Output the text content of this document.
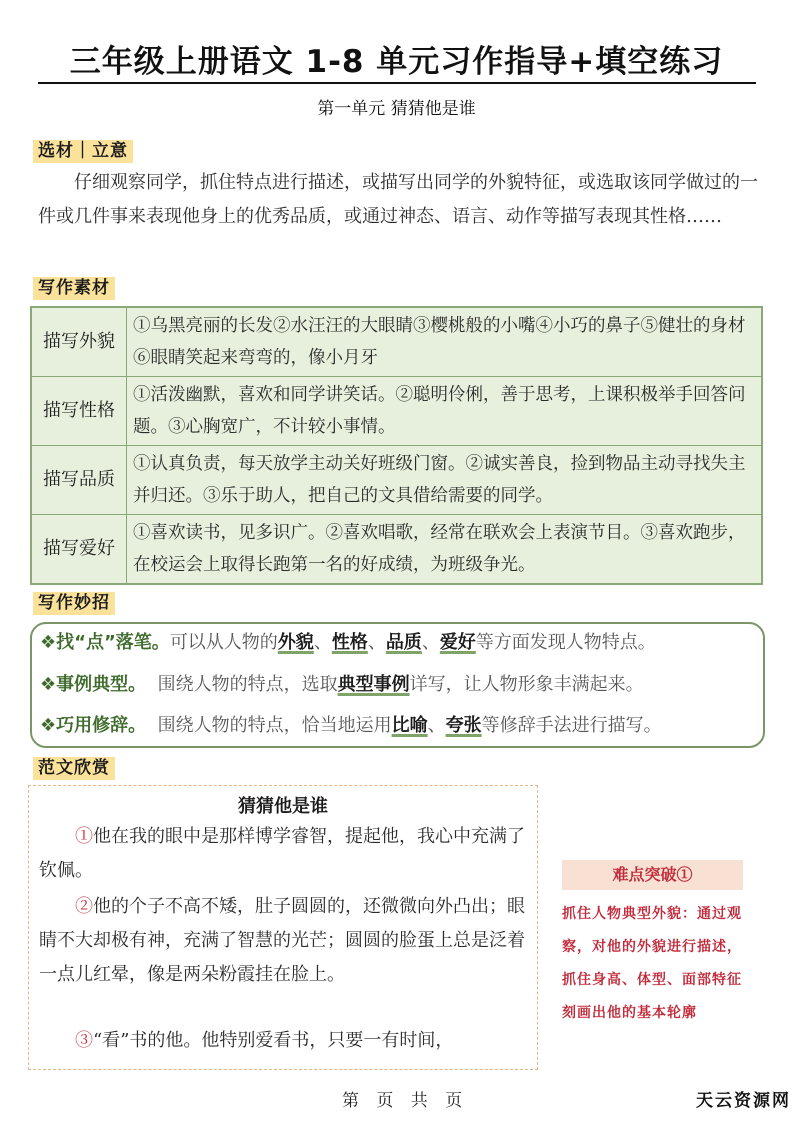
三年级上册语文 1-8 单元习作指导+填空练习
第一单元 猜猜他是谁
选材｜立意
仔细观察同学，抓住特点进行描述，或描写出同学的外貌特征，或选取该同学做过的一件或几件事来表现他身上的优秀品质，或通过神态、语言、动作等描写表现其性格……
写作素材
描写外貌	①乌黑亮丽的长发②水汪汪的大眼睛③樱桃般的小嘴④小巧的鼻子⑤健壮的身材⑥眼睛笑起来弯弯的，像小月牙
描写性格	①活泼幽默，喜欢和同学讲笑话。②聪明伶俐，善于思考，上课积极举手回答问题。③心胸宽广，不计较小事情。
描写品质	①认真负责，每天放学主动关好班级门窗。②诚实善良，捡到物品主动寻找失主并归还。③乐于助人，把自己的文具借给需要的同学。
描写爱好	①喜欢读书，见多识广。②喜欢唱歌，经常在联欢会上表演节目。③喜欢跑步，在校运会上取得长跑第一名的好成绩，为班级争光。
写作妙招
❖找“点”落笔。可以从人物的外貌、性格、品质、爱好等方面发现人物特点。
❖事例典型。  围绕人物的特点，选取典型事例详写，让人物形象丰满起来。
❖巧用修辞。  围绕人物的特点，恰当地运用比喻、夸张等修辞手法进行描写。
范文欣赏
猜猜他是谁
①他在我的眼中是那样博学睿智，提起他，我心中充满了钦佩。
②他的个子不高不矮，肚子圆圆的，还微微向外凸出；眼睛不大却极有神，充满了智慧的光芒；圆圆的脸蛋上总是泛着一点儿红晕，像是两朵粉霞挂在脸上。
③“看”书的他。他特别爱看书，只要一有时间，
难点突破①
抓住人物典型外貌：通过观察，对他的外貌进行描述，抓住身高、体型、面部特征刻画出他的基本轮廓
第 页 共 页	天云资源网
